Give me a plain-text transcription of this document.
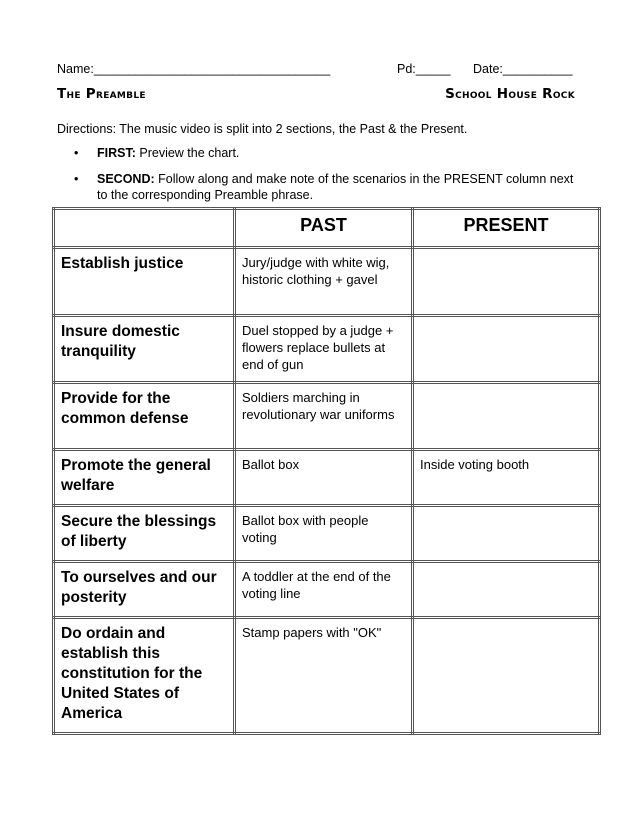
Name:__________________________________	Pd:_____ Date:__________
The Preamble	School House Rock
Directions: The music video is split into 2 sections, the Past & the Present.
• FIRST: Preview the chart.
• SECOND: Follow along and make note of the scenarios in the PRESENT column next to the corresponding Preamble phrase.
	PAST	PRESENT
Establish justice	Jury/judge with white wig, historic clothing + gavel	
Insure domestic tranquility	Duel stopped by a judge + flowers replace bullets at end of gun	
Provide for the common defense	Soldiers marching in revolutionary war uniforms	
Promote the general welfare	Ballot box	Inside voting booth
Secure the blessings of liberty	Ballot box with people voting	
To ourselves and our posterity	A toddler at the end of the voting line	
Do ordain and establish this constitution for the United States of America	Stamp papers with "OK"	
